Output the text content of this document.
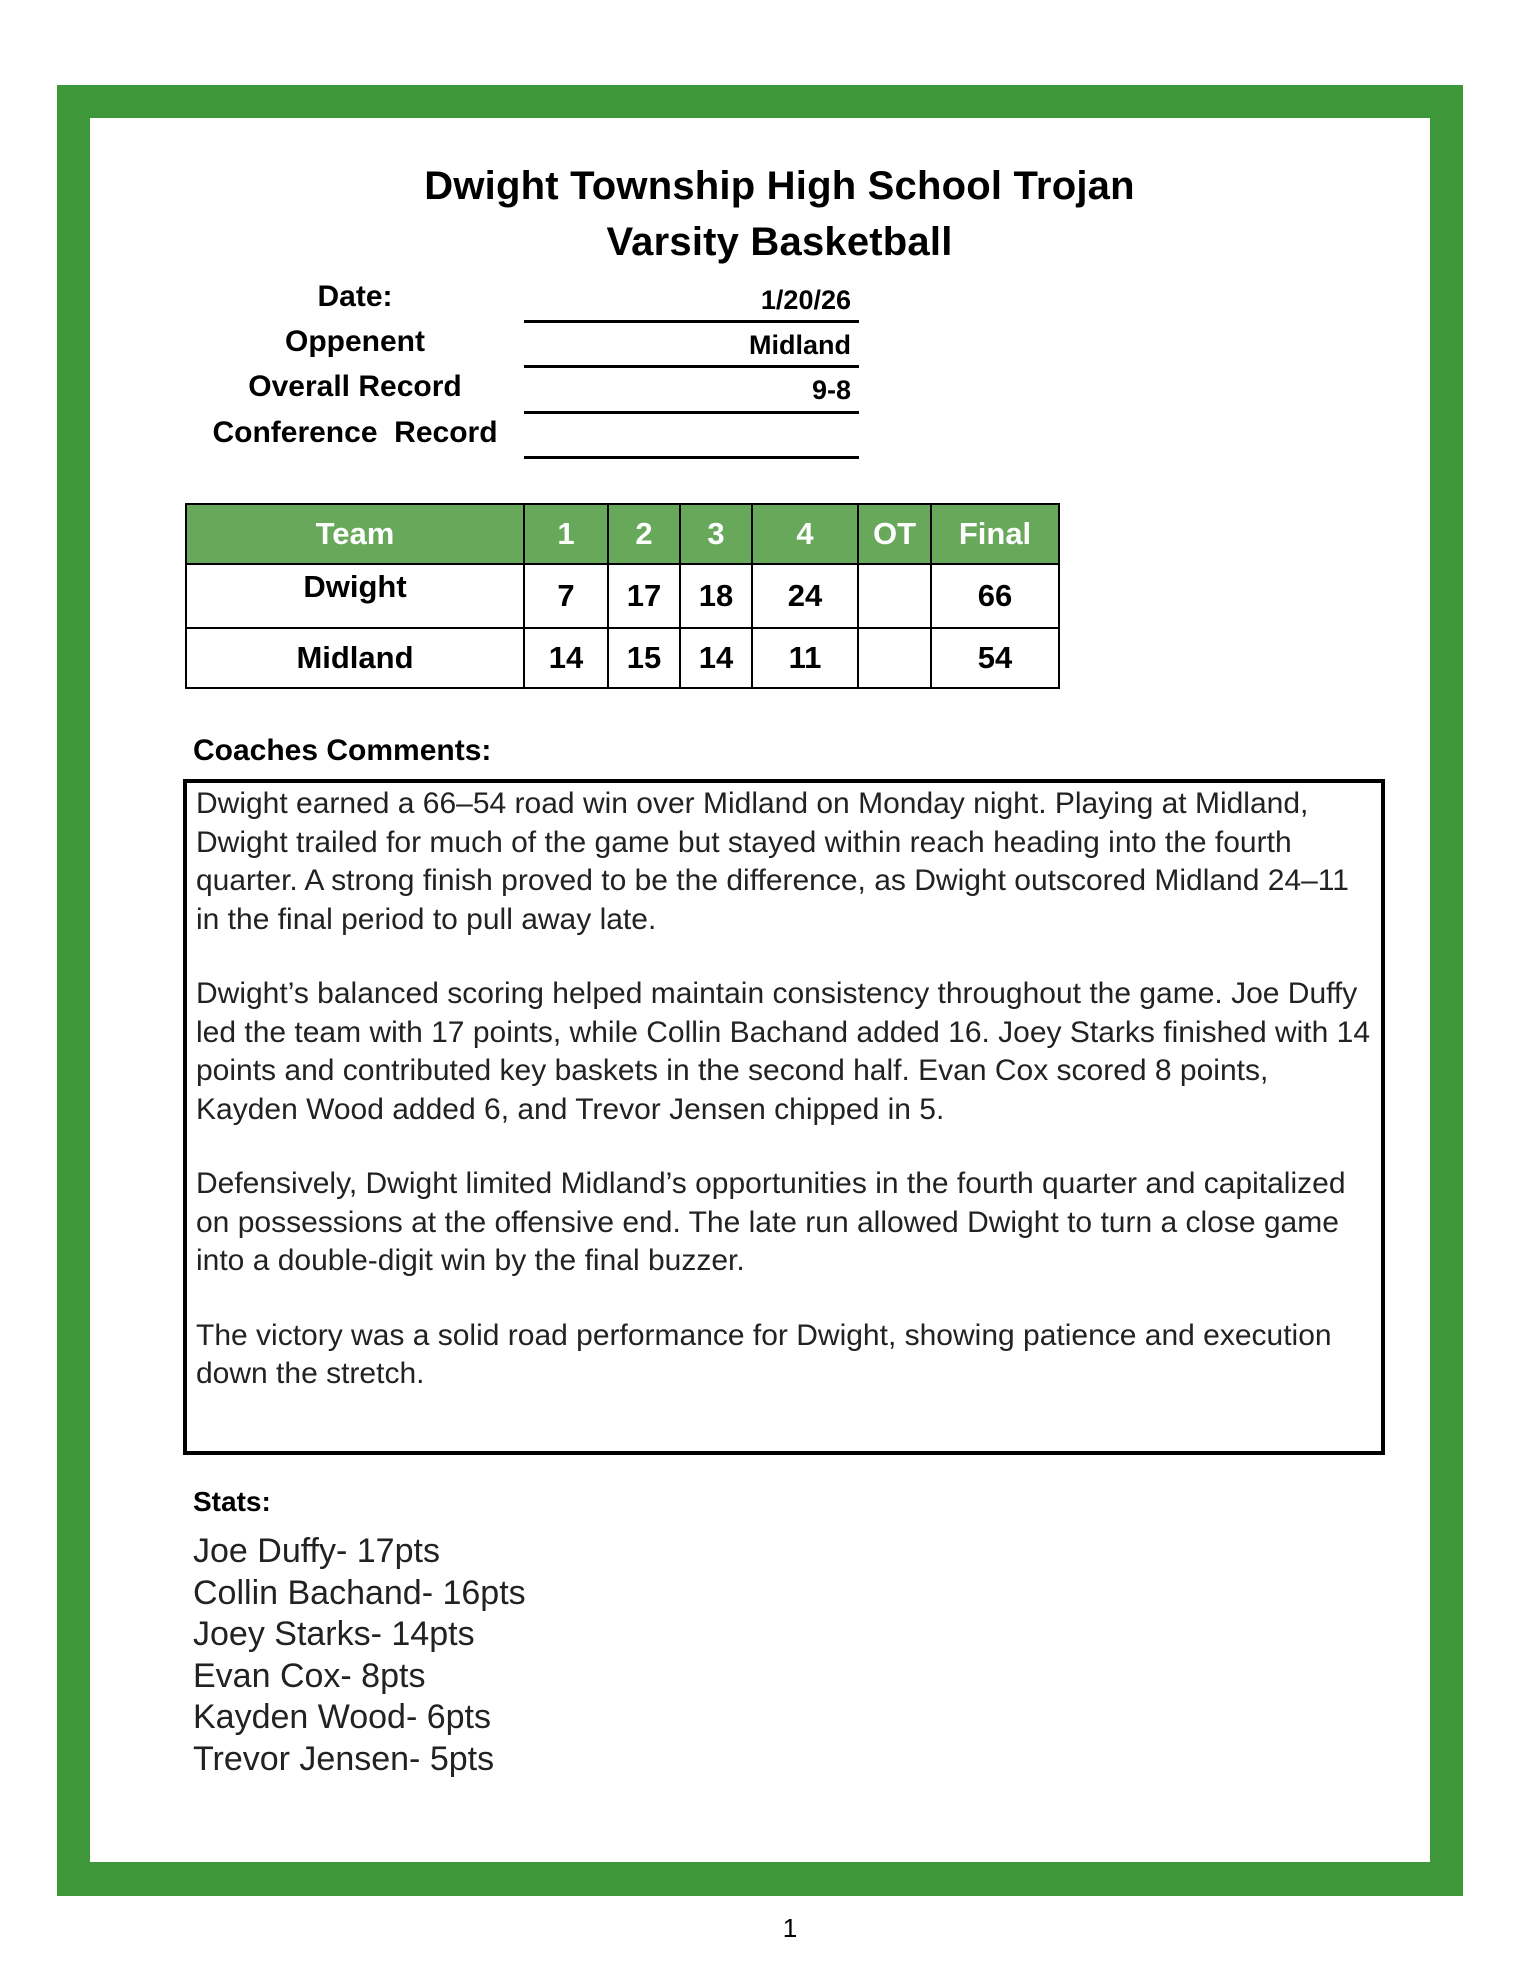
Dwight Township High School Trojan
Varsity Basketball
Date:	1/20/26
Oppenent	Midland
Overall Record	9-8
Conference  Record
Team	1	2	3	4	OT	Final
Dwight	7	17	18	24		66
Midland	14	15	14	11		54
Coaches Comments:

Dwight earned a 66–54 road win over Midland on Monday night. Playing at Midland, Dwight trailed for much of the game but stayed within reach heading into the fourth quarter. A strong finish proved to be the difference, as Dwight outscored Midland 24–11 in the final period to pull away late.

Dwight’s balanced scoring helped maintain consistency throughout the game. Joe Duffy led the team with 17 points, while Collin Bachand added 16. Joey Starks finished with 14 points and contributed key baskets in the second half. Evan Cox scored 8 points, Kayden Wood added 6, and Trevor Jensen chipped in 5.

Defensively, Dwight limited Midland’s opportunities in the fourth quarter and capitalized on possessions at the offensive end. The late run allowed Dwight to turn a close game into a double-digit win by the final buzzer.

The victory was a solid road performance for Dwight, showing patience and execution down the stretch.

Stats:
Joe Duffy- 17pts
Collin Bachand- 16pts
Joey Starks- 14pts
Evan Cox- 8pts
Kayden Wood- 6pts
Trevor Jensen- 5pts
1
